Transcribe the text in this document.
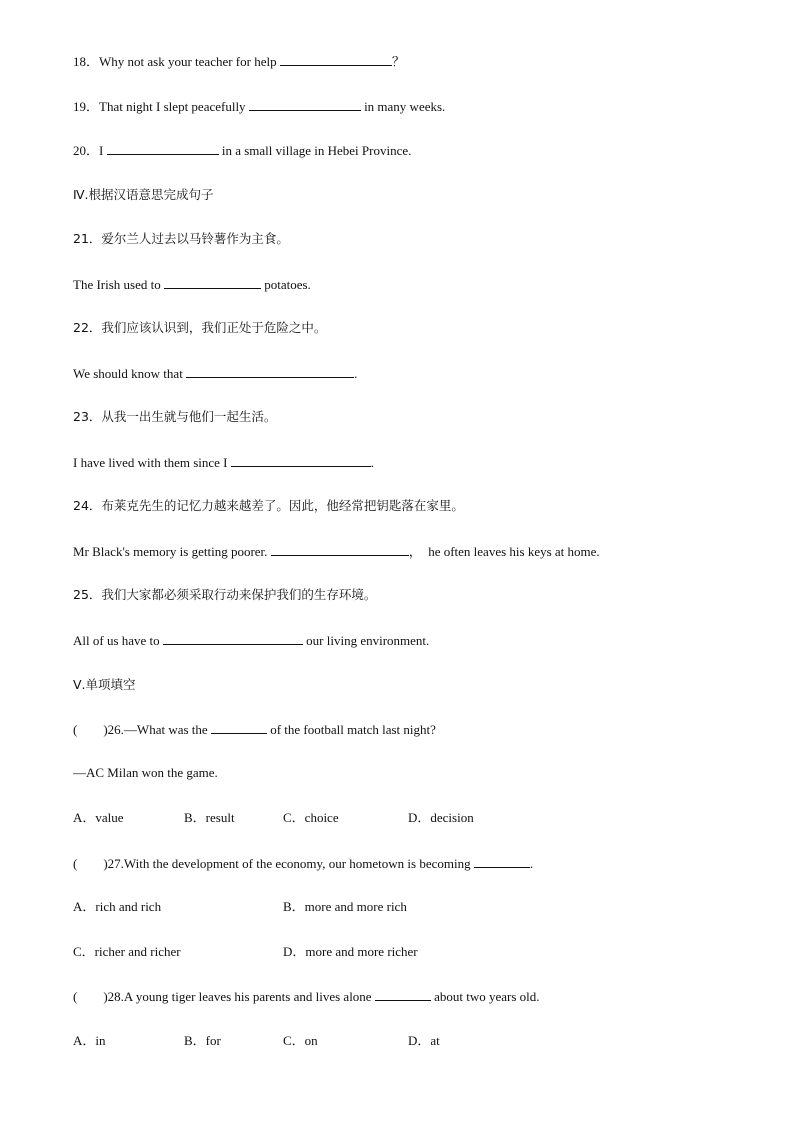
18．Why not ask your teacher for help	？
19．That night I slept peacefully	in many weeks.
20．I	in a small village in Hebei Province.
Ⅳ.根据汉语意思完成句子
21．爱尔兰人过去以马铃薯作为主食。
The Irish used to	potatoes.
22．我们应该认识到，我们正处于危险之中。
We should know that	.
23．从我一出生就与他们一起生活。
I have lived with them since I	.
24．布莱克先生的记忆力越来越差了。因此，他经常把钥匙落在家里。
Mr Black's memory is getting poorer.	，  he often leaves his keys at home.
25．我们大家都必须采取行动来保护我们的生存环境。
All of us have to	our living environment.
Ⅴ.单项填空
(        )26.—What was the	of the football match last night?
—AC Milan won the game.
A．value	B．result	C．choice	D．decision
(        )27.With the development of the economy, our hometown is becoming	.
A．rich and rich	B．more and more rich
C．richer and richer	D．more and more richer
(        )28.A young tiger leaves his parents and lives alone	about two years old.
A．in	B．for	C．on	D．at
